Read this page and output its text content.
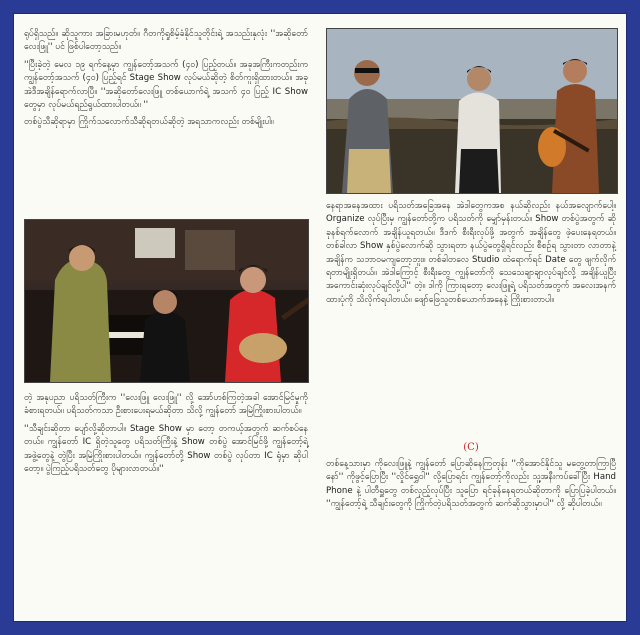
ရုပ်ရှိသည်။ ဆိုသူကား အခြားမဟုတ်။ ဂီတကိုရှုစိမ့်ခံနိုင်သူတိုင်းရဲ့ အသည်းနှလုံး ''အဆိုတော်လေးဖြူ'' ပင် ဖြစ်ပါတော့သည်။

''ပြီးခဲ့တဲ့ မေလ ၁၉ ရက်နေ့မှာ ကျွန်တော့်အသက် (၄၀) ပြည့်တယ်။ အခုအကြီးကတည်းက ကျွန်တော့်အသက် (၄၀) ပြည့်ရင် Stage Show လုပ်မယ်ဆိုတဲ့ စိတ်ကူးရှိထားတယ်။ အခု အဲဒီအချိန်ရောက်လာပြီ။ ''အဆိုတော်လေးဖြူ တစ်ယောက်ရဲ့ အသက် ၄၀ ပြည့် IC Show တွေမှာ လုပ်မယ်ရည်ရွယ်ထားပါတယ်။ ''

တစ်ပွဲသီဆိုရာမှာ ကြိုက်သလောက်သီဆိုရတယ်ဆိုတဲ့ အရသာကလည်း တစ်မျိုးပါ။

တဲ့ အနုပညာ ပရိသတ်ကြီးက ''လေးဖြူ လေးဖြူ'' လို့ အော်ဟစ်ကြတဲ့အခါ အောင်မြင်မှုကို ခံစားရတယ်။ ပရိသတ်ကသာ ဦးစားပေးရမယ်ဆိုတာ သိလို့ ကျွန်တော် အမြဲကြိုးစားပါတယ်။

''သီချင်းဆိုတာ ပျော်လို့ဆိုတာပါ။ Stage Show မှာ တော့ တကယ့်အတွက် ဆက်စပ်နေတယ်။ ကျွန်တော် IC ရှိတဲ့သူတွေ ပရိသတ်ကြီးနဲ့ Show တစ်ပွဲ အောင်မြင်ဖို့ ကျွန်တော့်ရဲ့ အဖွဲ့တွေနဲ့ တွဲပြီး အမြဲကြိုးစားပါတယ်။ ကျွန်တော်တို့ Show တစ်ပွဲ လုပ်တာ IC ရုံမှာ ဆိုပါတော့။ ပွဲကြည့်ပရိသတ်တွေ ပိုများလာတယ်။''

နေရာအနေအထား ပရိသတ်အခြေအနေ အဲဒါတွေကအစ နယ်ဆိုလည်း နယ်အလျောက်ပေါ့။ Organize လုပ်ပြီးမှ ကျွန်တော်တို့က ပရိသတ်ကို မျှော်မှန်းတယ်။ Show တစ်ပွဲအတွက် ဆို ခုနစ်ရက်လောက် အချိန်ယူရတယ်။ ဒီဒက် စီးရီးလုပ်ဖို့ အတွက် အချိန်တွေ ဖဲ့ပေးနေရတယ်။ တစ်ခါလာ Show နှစ်ပွဲလောက်ဆို သွားရတာ နယ်ပွဲတွေရှိရင်လည်း စီစဉ်ရ သွားတာ လာတာနဲ့ အချိန်က သဘာဝမကျတော့ဘူး။ တစ်ခါတလေ Studio ထဲရောက်ရင် Date တွေ ဖျက်လိုက်ရတာမျိုးရှိတယ်။ အဲဒါကြောင့် စီးရီးတွေ ကျွန်တော်ကို သေသေချာချာလုပ်ချင်လို့ အချိန်ယူပြီး အကောင်းဆုံးလုပ်ချင်လို့ပါ'' တဲ့။ ဒါကို ကြားရတော့ လေးဖြူရဲ့ ပရိသတ်အတွက် အလေးအနက်ထားပုံကို သိလိုက်ရပါတယ်။ ဖျော်ဖြေသူတစ်ယောက်အနေနဲ့ ကြိုးစားတာပါ။

(C)

တစ်နေ့သားမှာ ကိုလေးဖြူနဲ့ ကျွန်တော် ပြောဆိုနေကြတုန်း ''ကိုအောင်နိုင်သူ မတွေ့တာကြာပြီနော်'' ကိုဖွင့်ပြောပြီး ''လှိုင်ရွှေဝါ'' လို့ပြောရင်း ကျွန်တော့်ကိုလည်း သူ့အနီးကပ်ခေါ်ပြီး Hand Phone နဲ့ ပါတီရှူတွေ တစ်လှည့်လုပ်ပြီး သူပြော ရင်ခုန်နေရတယ်ဆိုတာကို ပြောပြခဲ့ပါတယ်။ ''ကျွန်တော့်ရဲ့ သီချင်းတွေကို ကြိုက်တဲ့ပရိသတ်အတွက် ဆက်ဆိုသွားမှာပါ'' လို့ ဆိုပါတယ်။
